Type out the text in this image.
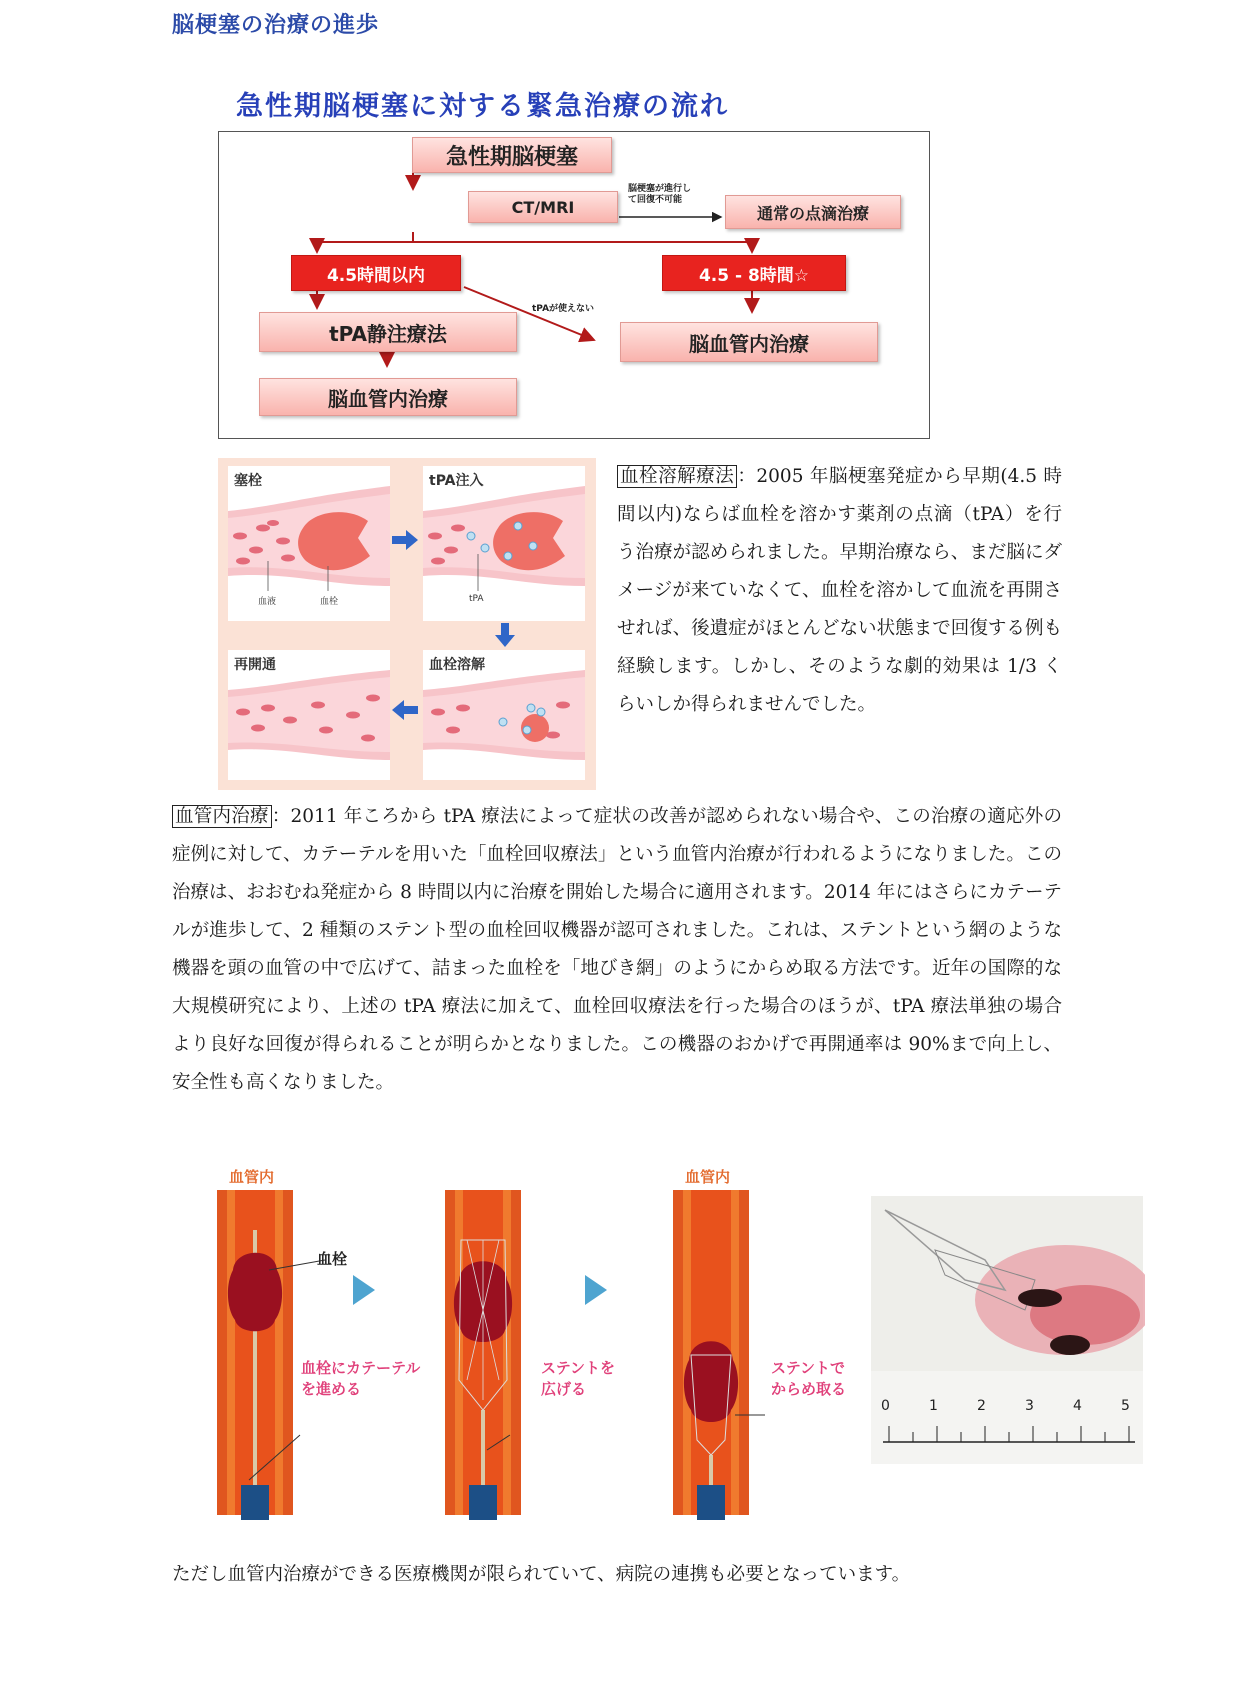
脳梗塞の治療の進歩
急性期脳梗塞に対する緊急治療の流れ
急性期脳梗塞
CT/MRI
脳梗塞が進行し
て回復不可能
通常の点滴治療
4.5時間以内	4.5 - 8時間☆
tPAが使えない
tPA静注療法
脳血管内治療
脳血管内治療
塞栓
血液	血栓
tPA注入
tPA
再開通	血栓溶解
血栓溶解療法 ：2005 年脳梗塞発症から早期(4.5 時間以内)ならば血栓を溶かす薬剤の点滴（tPA）を行う治療が認められました。早期治療なら、まだ脳にダメージが来ていなくて、血栓を溶かして血流を再開させれば、後遺症がほとんどない状態まで回復する例も経験します。しかし、そのような劇的効果は 1/3 くらいしか得られませんでした。
血管内治療 ：2011 年ころから tPA 療法によって症状の改善が認められない場合や、この治療の適応外の症例に対して、カテーテルを用いた「血栓回収療法」という血管内治療が行われるようになりました。この治療は、おおむね発症から 8 時間以内に治療を開始した場合に適用されます。2014 年にはさらにカテーテルが進歩して、2 種類のステント型の血栓回収機器が認可されました。これは、ステントという網のような機器を頭の血管の中で広げて、詰まった血栓を「地びき網」のようにからめ取る方法です。近年の国際的な大規模研究により、上述の tPA 療法に加えて、血栓回収療法を行った場合のほうが、tPA 療法単独の場合より良好な回復が得られることが明らかとなりました。この機器のおかげで再開通率は 90%まで向上し、安全性も高くなりました。
血管内	血管内
血栓
血栓にカテーテル
を進める
ステントを
広げる
ステントで
からめ取る
0	1	2	3	4	5
ただし血管内治療ができる医療機関が限られていて、病院の連携も必要となっています。
